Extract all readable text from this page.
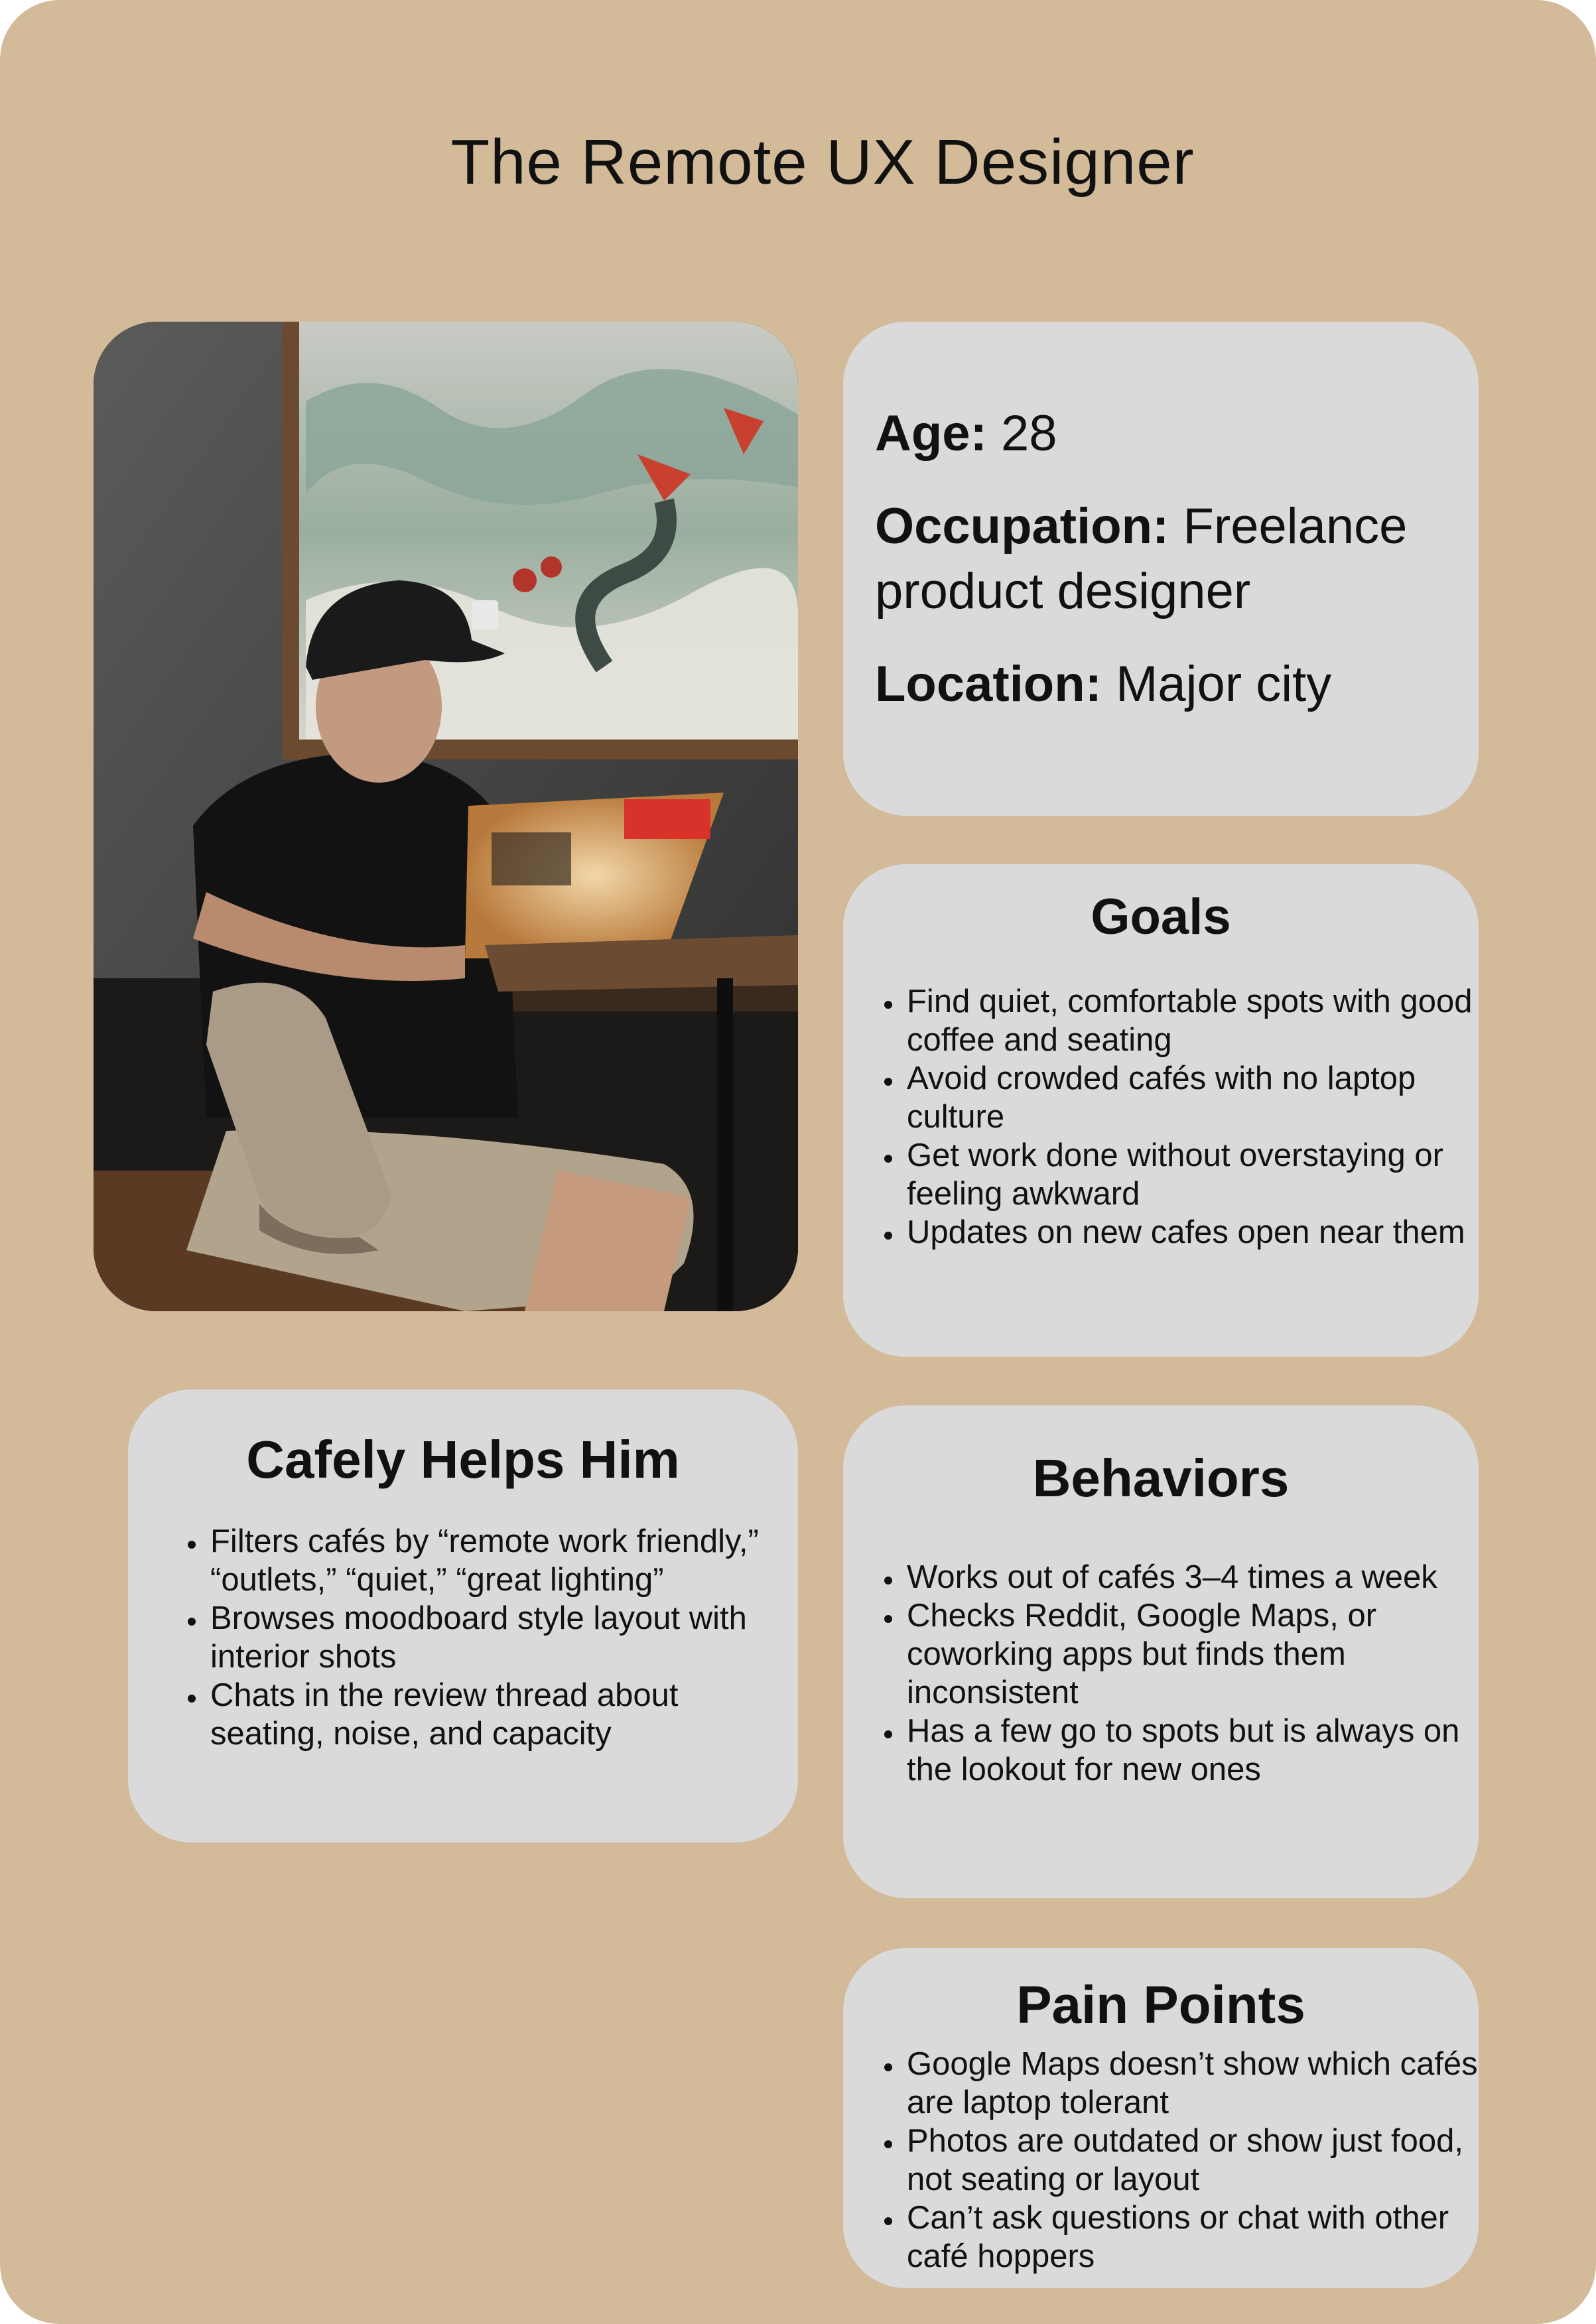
The Remote UX Designer

Age: 28

Occupation: Freelance product designer

Location: Major city

Goals
• Find quiet, comfortable spots with good coffee and seating
• Avoid crowded cafés with no laptop culture
• Get work done without overstaying or feeling awkward
• Updates on new cafes open near them
Cafely Helps Him
• Filters cafés by “remote work friendly,” “outlets,” “quiet,” “great lighting”
• Browses moodboard style layout with interior shots
• Chats in the review thread about seating, noise, and capacity
Behaviors
• Works out of cafés 3–4 times a week
• Checks Reddit, Google Maps, or coworking apps but finds them inconsistent
• Has a few go to spots but is always on the lookout for new ones
Pain Points
• Google Maps doesn’t show which cafés are laptop tolerant
• Photos are outdated or show just food, not seating or layout
• Can’t ask questions or chat with other café hoppers
